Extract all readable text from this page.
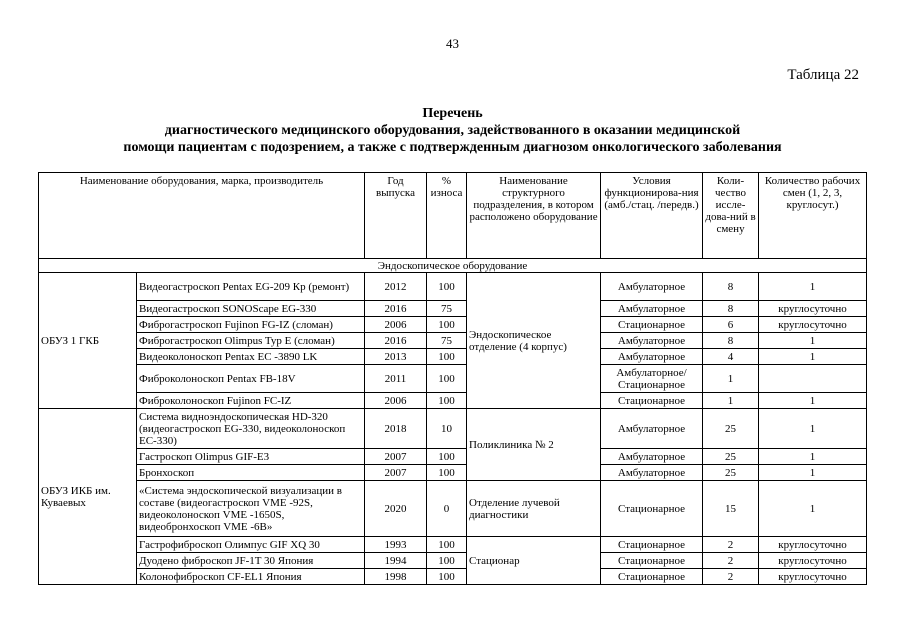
43
Таблица 22
Перечень
диагностического медицинского оборудования, задействованного в оказании медицинской
помощи пациентам с подозрением, а также с подтвержденным диагнозом онкологического заболевания
Наименование оборудования, марка, производитель		Год выпуска	% износа	Наименование структурного подразделения, в котором расположено оборудование	Условия функционирова-ния (амб./стац. /передв.)	Коли-чество иссле-дова-ний в смену	Количество рабочих смен (1, 2, 3, круглосут.)
Эндоскопическое оборудование							
ОБУЗ 1 ГКБ	Видеогастроскоп Pentax EG-209 Кр (ремонт)	2012	100	Эндоскопическое отделение (4 корпус)	Амбулаторное	8	1
	Видеогастроскоп SONOScape EG-330	2016	75		Амбулаторное	8	круглосуточно
	Фиброгастроскоп Fujinon FG-IZ (сломан)	2006	100		Стационарное	6	круглосуточно
	Фиброгастроскоп Olimpus Typ E (сломан)	2016	75		Амбулаторное	8	1
	Видеоколоноскоп Pentax EC -3890 LK	2013	100		Амбулаторное	4	1
	Фиброколоноскоп Pentax FB-18V	2011	100		Амбулаторное/ Стационарное	1	
	Фиброколоноскоп Fujinon FC-IZ	2006	100		Стационарное	1	1
ОБУЗ ИКБ им. Куваевых	Система видноэндоскопическая HD-320 (видеогастроскоп EG-330, видеоколоноскоп EC-330)	2018	10	Поликлиника № 2	Амбулаторное	25	1
	Гастроскоп Olimpus GIF-E3	2007	100		Амбулаторное	25	1
	Бронхоскоп	2007	100		Амбулаторное	25	1
	«Система эндоскопической визуализации в составе (видеогастроскоп VME -92S, видеоколоноскоп VME -1650S, видеобронхоскоп VME -6B»	2020	0	Отделение лучевой диагностики	Стационарное	15	1
	Гастрофиброскоп Олимпус GIF XQ 30	1993	100	Стационар	Стационарное	2	круглосуточно
	Дуодено фиброскоп JF-1T 30 Япония	1994	100		Стационарное	2	круглосуточно
	Колонофиброскоп CF-EL1 Япония	1998	100		Стационарное	2	круглосуточно
